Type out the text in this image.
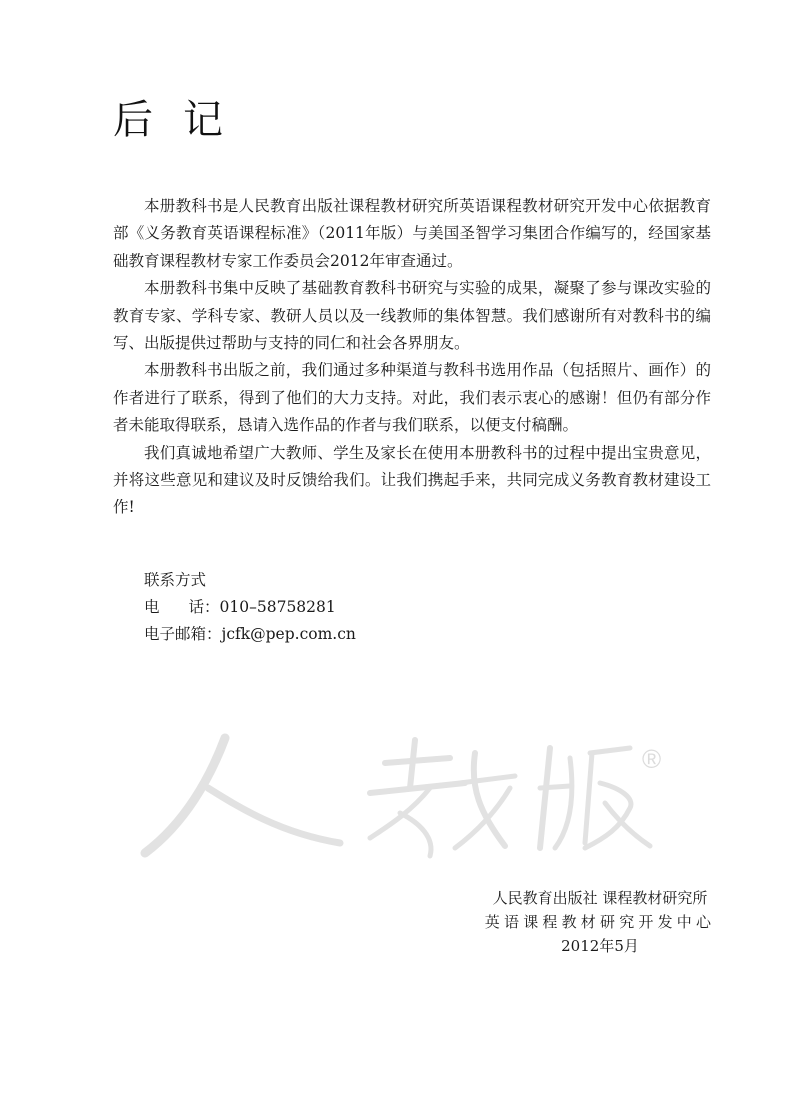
后记

本册教科书是人民教育出版社课程教材研究所英语课程教材研究开发中心依据教育部《义务教育英语课程标准》（2011年版）与美国圣智学习集团合作编写的，经国家基础教育课程教材专家工作委员会2012年审查通过。

本册教科书集中反映了基础教育教科书研究与实验的成果，凝聚了参与课改实验的教育专家、学科专家、教研人员以及一线教师的集体智慧。我们感谢所有对教科书的编写、出版提供过帮助与支持的同仁和社会各界朋友。

本册教科书出版之前，我们通过多种渠道与教科书选用作品（包括照片、画作）的作者进行了联系，得到了他们的大力支持。对此，我们表示衷心的感谢！但仍有部分作者未能取得联系，恳请入选作品的作者与我们联系，以便支付稿酬。

我们真诚地希望广大教师、学生及家长在使用本册教科书的过程中提出宝贵意见，并将这些意见和建议及时反馈给我们。让我们携起手来，共同完成义务教育教材建设工作!

联系方式
电 话：010–58758281
电子邮箱：jcfk@pep.com.cn
®
人民教育出版社 课程教材研究所
英语课程教材研究开发中心
2012年5月
